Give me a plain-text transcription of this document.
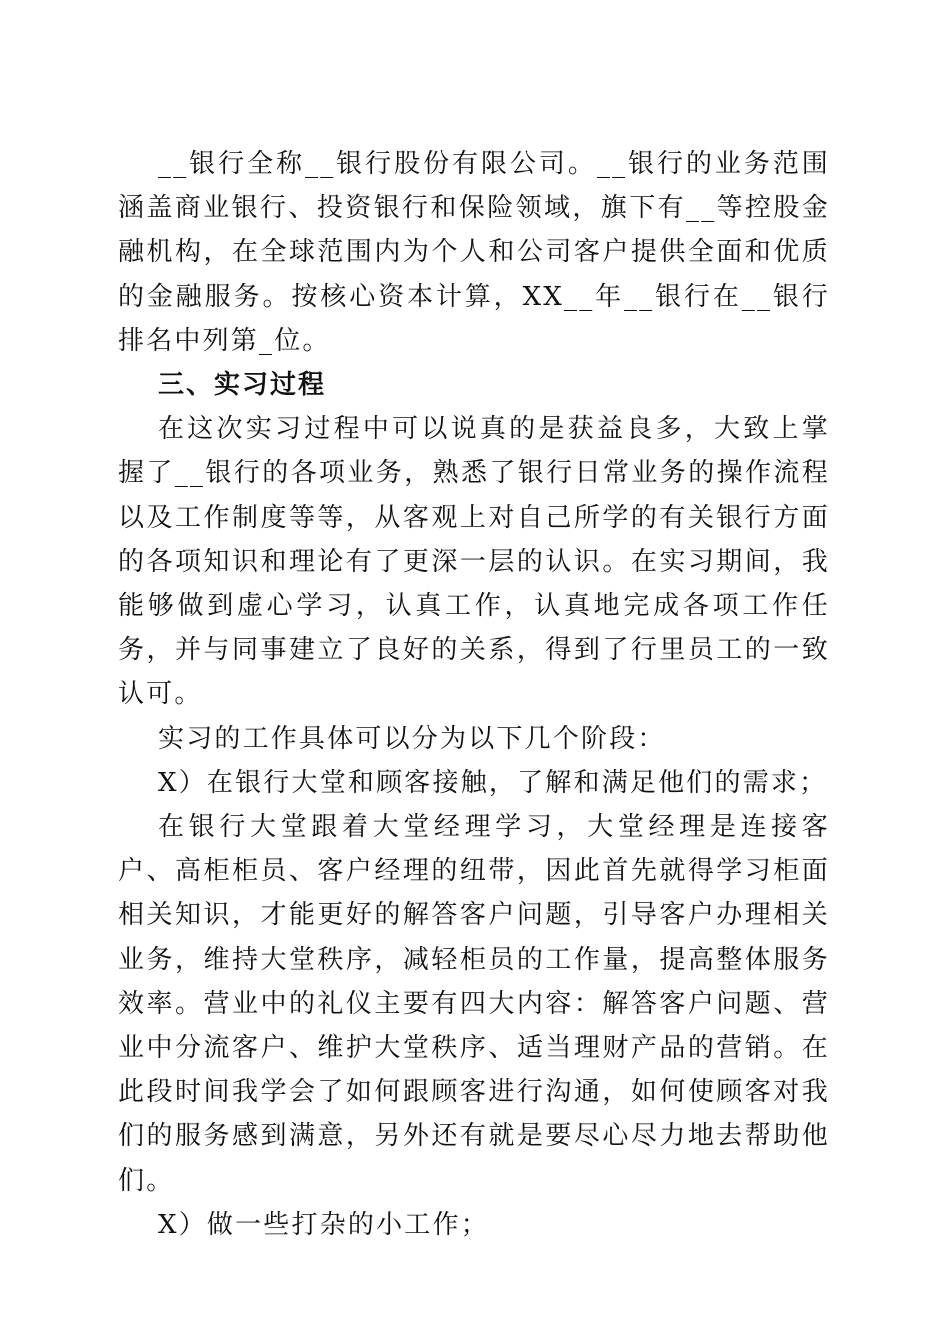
__银行全称__银行股份有限公司。__银行的业务范围涵盖商业银行、投资银行和保险领域，旗下有__等控股金融机构，在全球范围内为个人和公司客户提供全面和优质的金融服务。按核心资本计算，XX__年__银行在__银行排名中列第_位。

三、实习过程

在这次实习过程中可以说真的是获益良多，大致上掌握了__银行的各项业务，熟悉了银行日常业务的操作流程以及工作制度等等，从客观上对自己所学的有关银行方面的各项知识和理论有了更深一层的认识。在实习期间，我能够做到虚心学习，认真工作，认真地完成各项工作任务，并与同事建立了良好的关系，得到了行里员工的一致认可。

实习的工作具体可以分为以下几个阶段：

X）在银行大堂和顾客接触，了解和满足他们的需求；

在银行大堂跟着大堂经理学习，大堂经理是连接客户、高柜柜员、客户经理的纽带，因此首先就得学习柜面相关知识，才能更好的解答客户问题，引导客户办理相关业务，维持大堂秩序，减轻柜员的工作量，提高整体服务效率。营业中的礼仪主要有四大内容：解答客户问题、营业中分流客户、维护大堂秩序、适当理财产品的营销。在此段时间我学会了如何跟顾客进行沟通，如何使顾客对我们的服务感到满意，另外还有就是要尽心尽力地去帮助他们。

X）做一些打杂的小工作；
